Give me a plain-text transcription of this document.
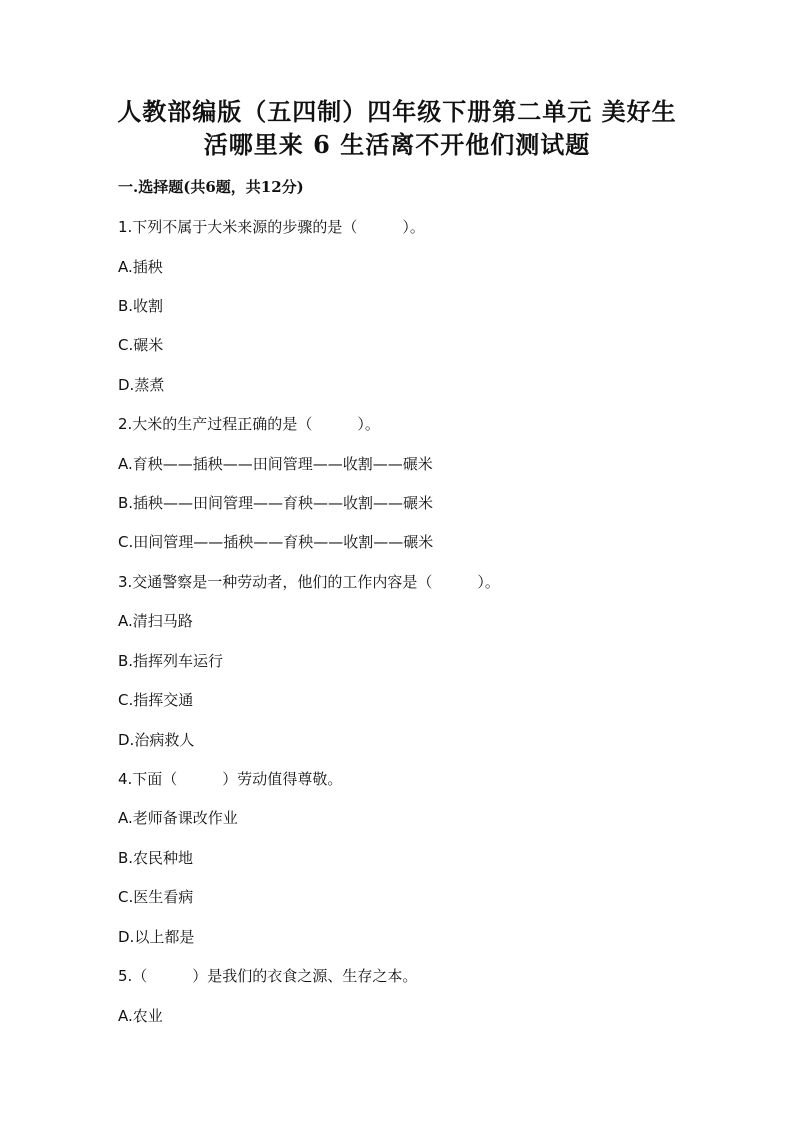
人教部编版（五四制）四年级下册第二单元 美好生
活哪里来 6 生活离不开他们测试题
一.选择题(共6题，共12分)
1.下列不属于大米来源的步骤的是（　　　）。
A.插秧
B.收割
C.碾米
D.蒸煮
2.大米的生产过程正确的是（　　　）。
A.育秧——插秧——田间管理——收割——碾米
B.插秧——田间管理——育秧——收割——碾米
C.田间管理——插秧——育秧——收割——碾米
3.交通警察是一种劳动者，他们的工作内容是（　　　）。
A.清扫马路
B.指挥列车运行
C.指挥交通
D.治病救人
4.下面（　　　）劳动值得尊敬。
A.老师备课改作业
B.农民种地
C.医生看病
D.以上都是
5.（　　　）是我们的衣食之源、生存之本。
A.农业
